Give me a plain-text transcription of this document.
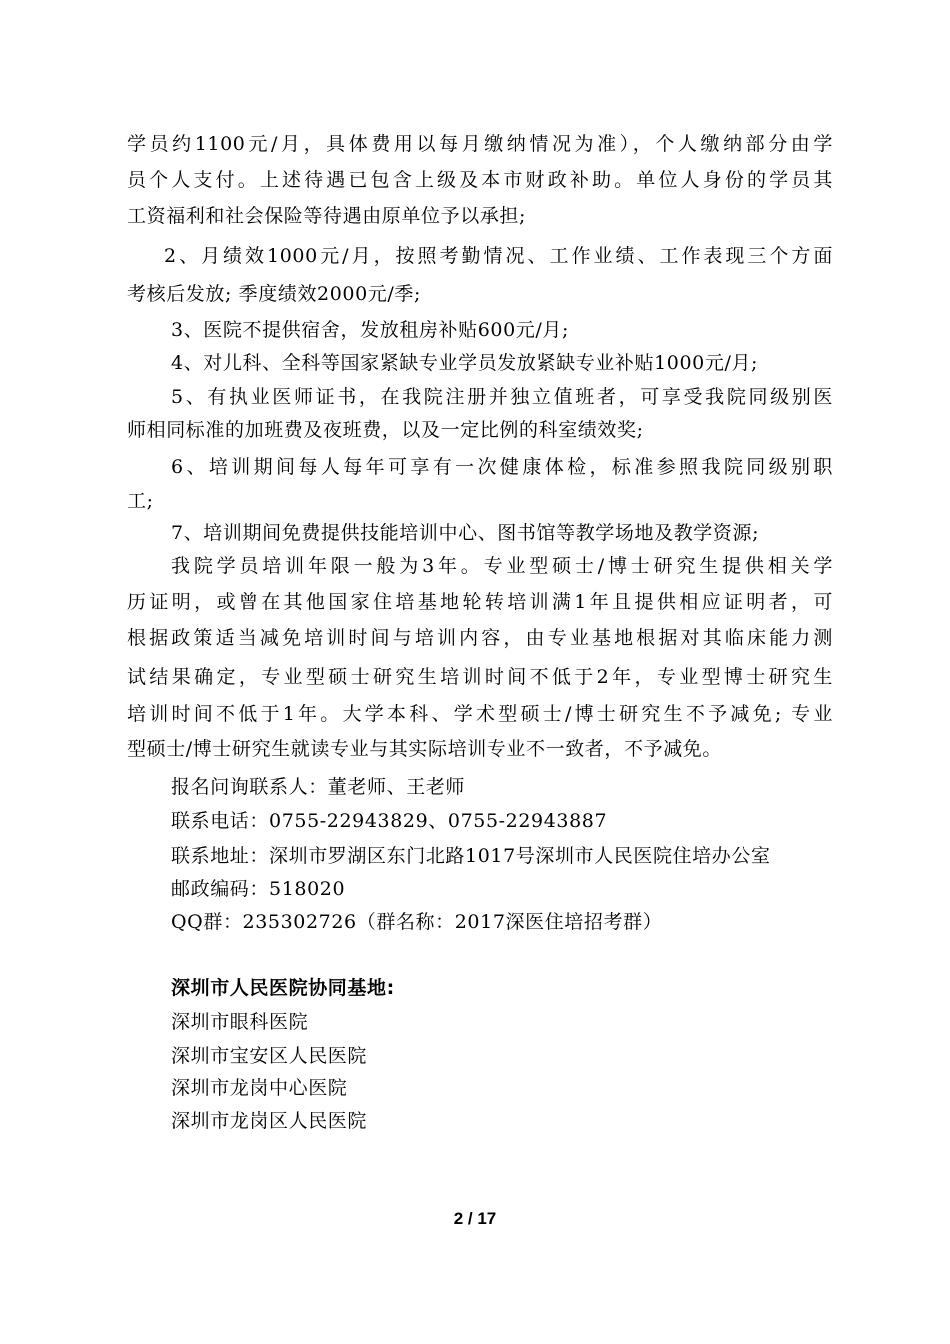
学员约1100元/月，具体费用以每月缴纳情况为准），个人缴纳部分由学
员个人支付。上述待遇已包含上级及本市财政补助。单位人身份的学员其
工资福利和社会保险等待遇由原单位予以承担;
2、月绩效1000元/月，按照考勤情况、工作业绩、工作表现三个方面
考核后发放; 季度绩效2000元/季;
3、医院不提供宿舍，发放租房补贴600元/月;
4、对儿科、全科等国家紧缺专业学员发放紧缺专业补贴1000元/月;
5、有执业医师证书，在我院注册并独立值班者，可享受我院同级别医
师相同标准的加班费及夜班费，以及一定比例的科室绩效奖;
6、培训期间每人每年可享有一次健康体检，标准参照我院同级别职
工;
7、培训期间免费提供技能培训中心、图书馆等教学场地及教学资源;
我院学员培训年限一般为3年。专业型硕士/博士研究生提供相关学
历证明，或曾在其他国家住培基地轮转培训满1年且提供相应证明者，可
根据政策适当减免培训时间与培训内容，由专业基地根据对其临床能力测
试结果确定，专业型硕士研究生培训时间不低于2年，专业型博士研究生
培训时间不低于1年。大学本科、学术型硕士/博士研究生不予减免; 专业
型硕士/博士研究生就读专业与其实际培训专业不一致者，不予减免。
报名问询联系人：董老师、王老师
联系电话：0755-22943829、0755-22943887
联系地址：深圳市罗湖区东门北路1017号深圳市人民医院住培办公室
邮政编码：518020
QQ群：235302726（群名称：2017深医住培招考群）
深圳市人民医院协同基地:
深圳市眼科医院
深圳市宝安区人民医院
深圳市龙岗中心医院
深圳市龙岗区人民医院
2 / 17
